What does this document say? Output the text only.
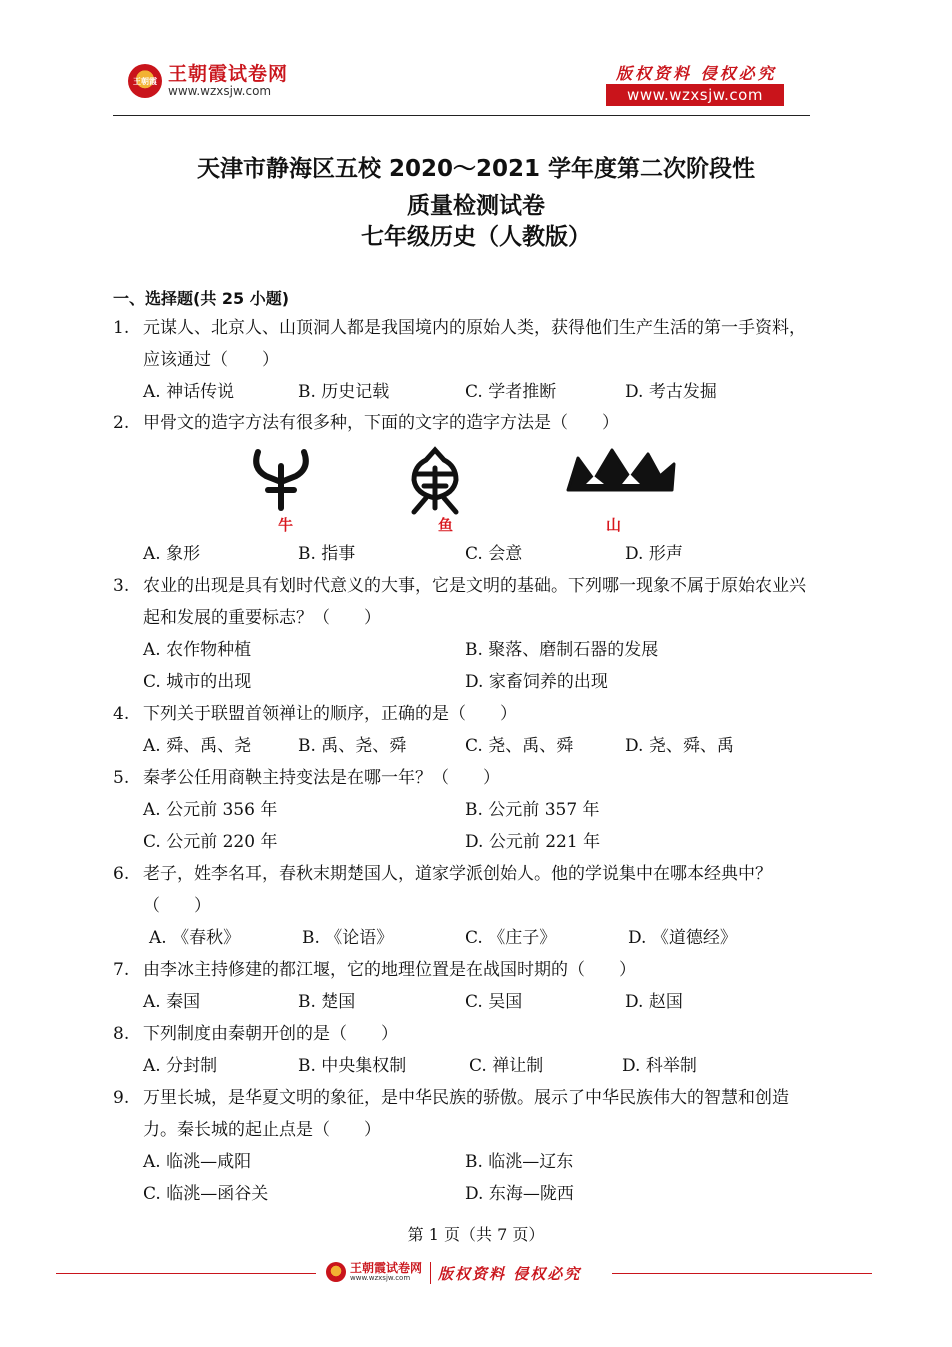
王朝霞 王朝霞试卷网
www.wzxsjw.com
版权资料 侵权必究
www.wzxsjw.com
天津市静海区五校 2020～2021 学年度第二次阶段性
质量检测试卷
七年级历史（人教版）
一、选择题(共 25 小题)
1. 元谋人、北京人、山顶洞人都是我国境内的原始人类，获得他们生产生活的第一手资料，应该通过（　　）
A. 神话传说	B. 历史记载	C. 学者推断	D. 考古发掘
2. 甲骨文的造字方法有很多种，下面的文字的造字方法是（　　）
牛	鱼	山
A. 象形	B. 指事	C. 会意	D. 形声
3. 农业的出现是具有划时代意义的大事，它是文明的基础。下列哪一现象不属于原始农业兴起和发展的重要标志？（　　）
A. 农作物种植	B. 聚落、磨制石器的发展
C. 城市的出现	D. 家畜饲养的出现
4. 下列关于联盟首领禅让的顺序，正确的是（　　）
A. 舜、禹、尧	B. 禹、尧、舜	C. 尧、禹、舜	D. 尧、舜、禹
5. 秦孝公任用商鞅主持变法是在哪一年？（　　）
A. 公元前 356 年	B. 公元前 357 年
C. 公元前 220 年	D. 公元前 221 年
6. 老子，姓李名耳，春秋末期楚国人，道家学派创始人。他的学说集中在哪本经典中？（　　）
A. 《春秋》	B. 《论语》	C. 《庄子》	D. 《道德经》
7. 由李冰主持修建的都江堰，它的地理位置是在战国时期的（　　）
A. 秦国	B. 楚国	C. 吴国	D. 赵国
8. 下列制度由秦朝开创的是（　　）
A. 分封制	B. 中央集权制	C. 禅让制	D. 科举制
9. 万里长城，是华夏文明的象征，是中华民族的骄傲。展示了中华民族伟大的智慧和创造力。秦长城的起止点是（　　）
A. 临洮—咸阳	B. 临洮—辽东
C. 临洮—函谷关	D. 东海—陇西
第 1 页（共 7 页）
王朝霞试卷网
www.wzxsjw.com	版权资料 侵权必究
